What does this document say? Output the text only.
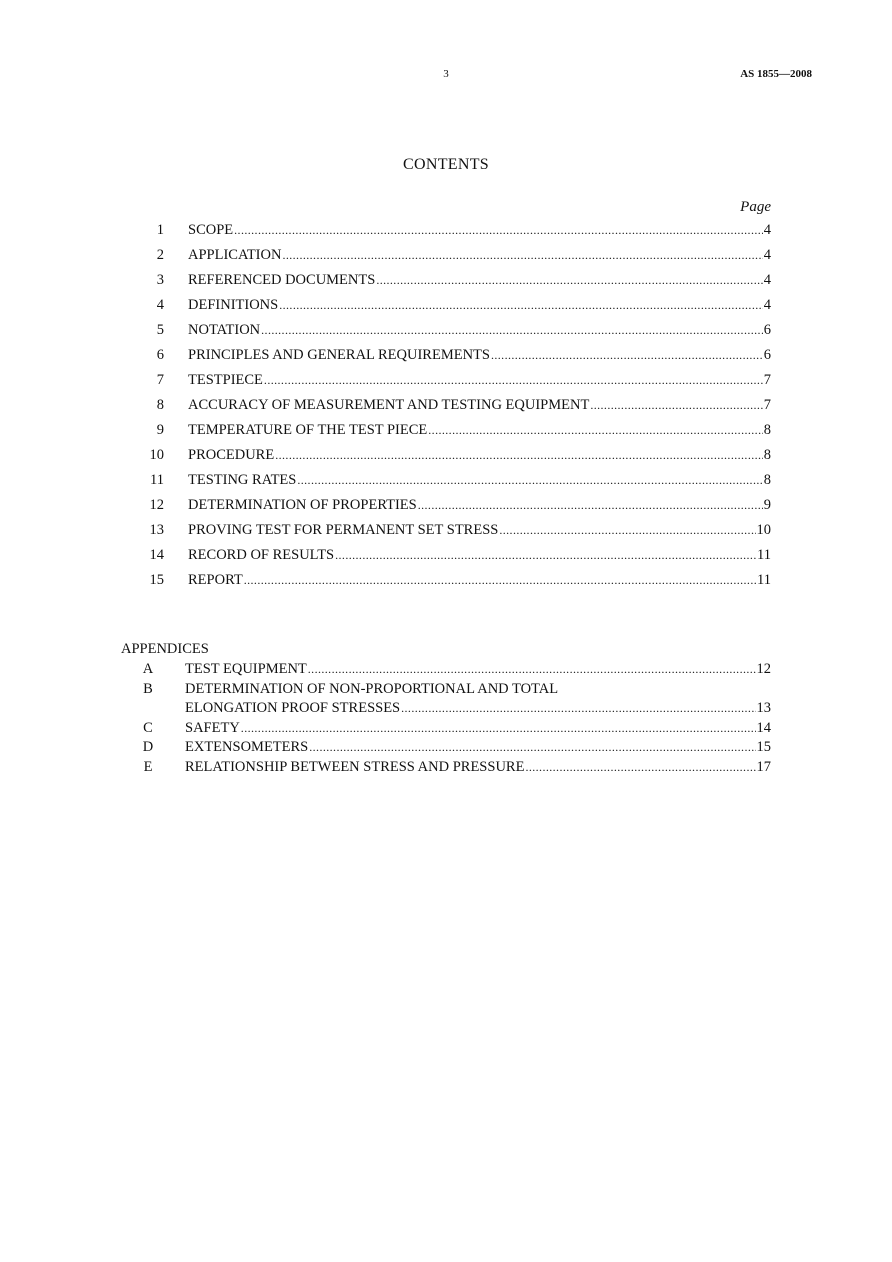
3	AS 1855—2008
CONTENTS
Page
1 SCOPE .....	4
2 APPLICATION .....	4
3 REFERENCED DOCUMENTS .....	4
4 DEFINITIONS .....	4
5 NOTATION .....	6
6 PRINCIPLES AND GENERAL REQUIREMENTS .....	6
7 TESTPIECE .....	7
8 ACCURACY OF MEASUREMENT AND TESTING EQUIPMENT .....	7
9 TEMPERATURE OF THE TEST PIECE .....	8
10 PROCEDURE .....	8
11 TESTING RATES .....	8
12 DETERMINATION OF PROPERTIES .....	9
13 PROVING TEST FOR PERMANENT SET STRESS .....	10
14 RECORD OF RESULTS .....	11
15 REPORT .....	11
APPENDICES
A	TEST EQUIPMENT .....	12
B	DETERMINATION OF NON-PROPORTIONAL AND TOTAL
ELONGATION PROOF STRESSES .....	13
C	SAFETY .....	14
D	EXTENSOMETERS .....	15
E	RELATIONSHIP BETWEEN STRESS AND PRESSURE .....	17
